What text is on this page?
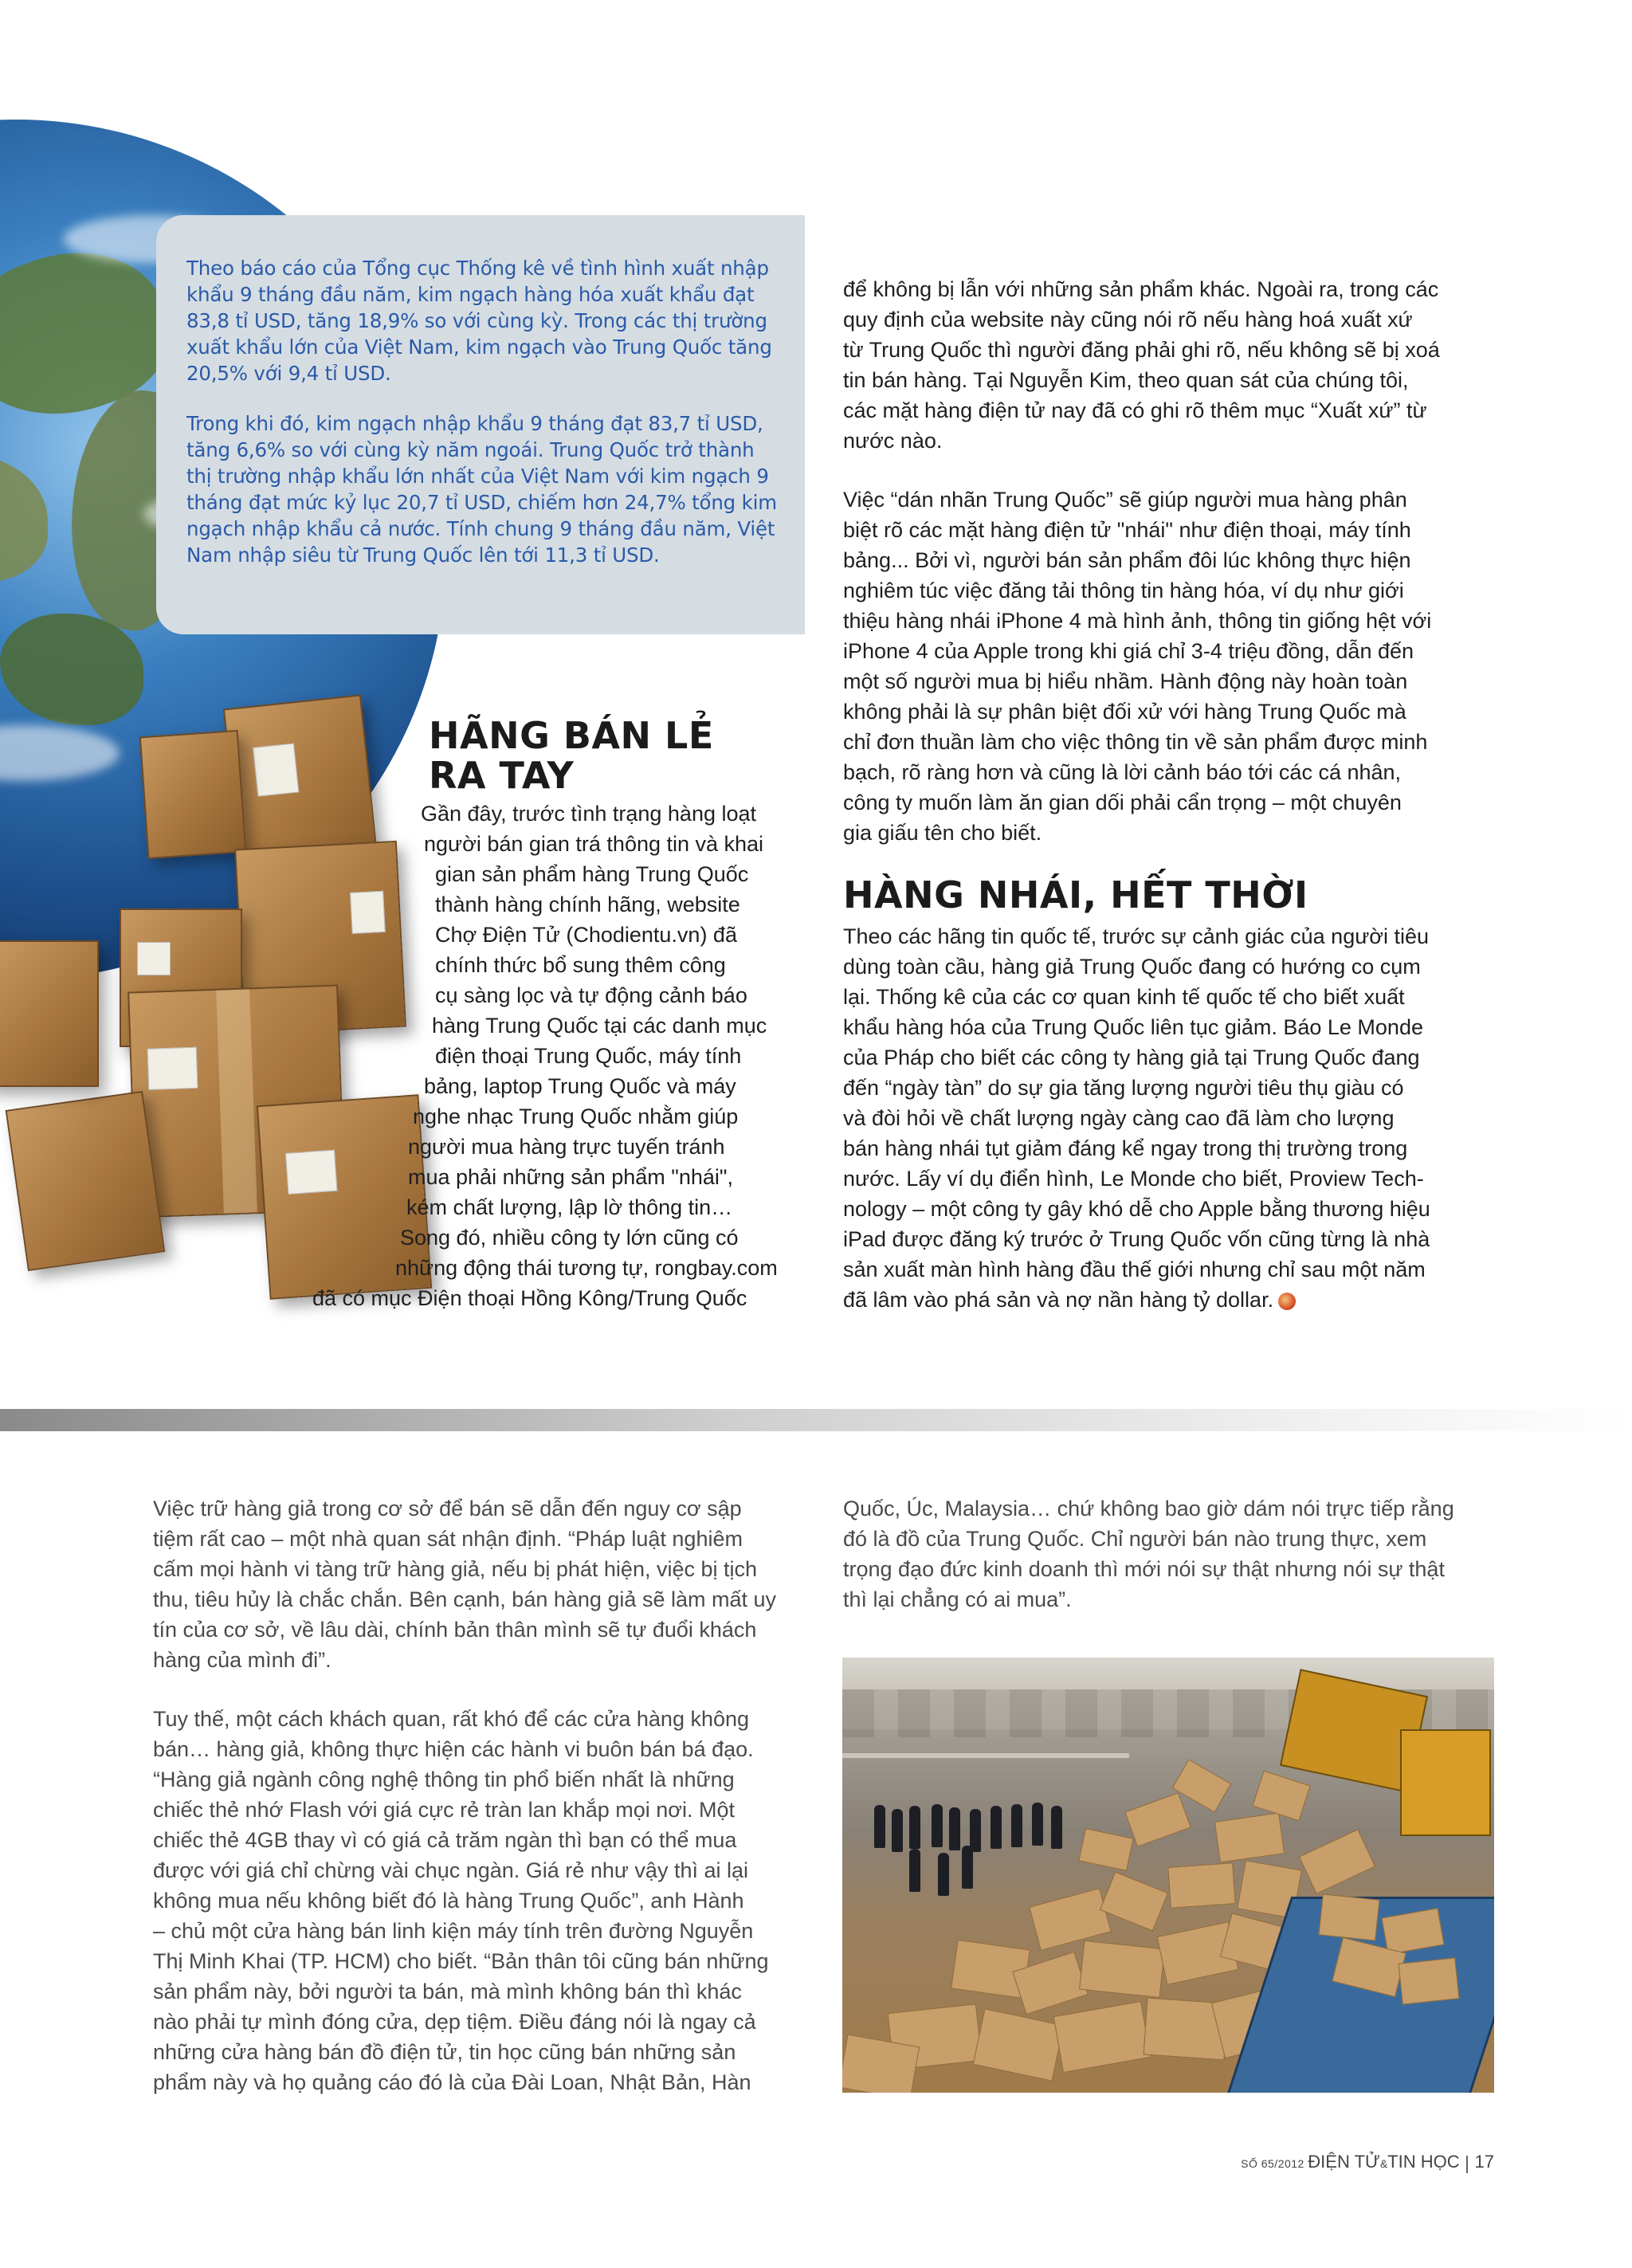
Theo báo cáo của Tổng cục Thống kê về tình hình xuất nhập khẩu 9 tháng đầu năm, kim ngạch hàng hóa xuất khẩu đạt 83,8 tỉ USD, tăng 18,9% so với cùng kỳ. Trong các thị trường xuất khẩu lớn của Việt Nam, kim ngạch vào Trung Quốc tăng 20,5% với 9,4 tỉ USD.

Trong khi đó, kim ngạch nhập khẩu 9 tháng đạt 83,7 tỉ USD, tăng 6,6% so với cùng kỳ năm ngoái. Trung Quốc trở thành thị trường nhập khẩu lớn nhất của Việt Nam với kim ngạch 9 tháng đạt mức kỷ lục 20,7 tỉ USD, chiếm hơn 24,7% tổng kim ngạch nhập khẩu cả nước. Tính chung 9 tháng đầu năm, Việt Nam nhập siêu từ Trung Quốc lên tới 11,3 tỉ USD.

HÃNG BÁN LẺ
RA TAY
Gần đây, trước tình trạng hàng loạt
người bán gian trá thông tin và khai
gian sản phẩm hàng Trung Quốc
thành hàng chính hãng, website
Chợ Điện Tử (Chodientu.vn) đã
chính thức bổ sung thêm công
cụ sàng lọc và tự động cảnh báo
hàng Trung Quốc tại các danh mục
điện thoại Trung Quốc, máy tính
bảng, laptop Trung Quốc và máy
nghe nhạc Trung Quốc nhằm giúp
người mua hàng trực tuyến tránh
mua phải những sản phẩm "nhái",
kém chất lượng, lập lờ thông tin…
Song đó, nhiều công ty lớn cũng có
những động thái tương tự, rongbay.com
đã có mục Điện thoại Hồng Kông/Trung Quốc
để không bị lẫn với những sản phẩm khác. Ngoài ra, trong các
quy định của website này cũng nói rõ nếu hàng hoá xuất xứ
từ Trung Quốc thì người đăng phải ghi rõ, nếu không sẽ bị xoá
tin bán hàng. Tại Nguyễn Kim, theo quan sát của chúng tôi,
các mặt hàng điện tử nay đã có ghi rõ thêm mục “Xuất xứ” từ
nước nào.
Việc “dán nhãn Trung Quốc” sẽ giúp người mua hàng phân
biệt rõ các mặt hàng điện tử "nhái" như điện thoại, máy tính
bảng... Bởi vì, người bán sản phẩm đôi lúc không thực hiện
nghiêm túc việc đăng tải thông tin hàng hóa, ví dụ như giới
thiệu hàng nhái iPhone 4 mà hình ảnh, thông tin giống hệt với
iPhone 4 của Apple trong khi giá chỉ 3-4 triệu đồng, dẫn đến
một số người mua bị hiểu nhầm. Hành động này hoàn toàn
không phải là sự phân biệt đối xử với hàng Trung Quốc mà
chỉ đơn thuần làm cho việc thông tin về sản phẩm được minh
bạch, rõ ràng hơn và cũng là lời cảnh báo tới các cá nhân,
công ty muốn làm ăn gian dối phải cẩn trọng – một chuyên
gia giấu tên cho biết.
HÀNG NHÁI, HẾT THỜI
Theo các hãng tin quốc tế, trước sự cảnh giác của người tiêu
dùng toàn cầu, hàng giả Trung Quốc đang có hướng co cụm
lại. Thống kê của các cơ quan kinh tế quốc tế cho biết xuất
khẩu hàng hóa của Trung Quốc liên tục giảm. Báo Le Monde
của Pháp cho biết các công ty hàng giả tại Trung Quốc đang
đến “ngày tàn” do sự gia tăng lượng người tiêu thụ giàu có
và đòi hỏi về chất lượng ngày càng cao đã làm cho lượng
bán hàng nhái tụt giảm đáng kể ngay trong thị trường trong
nước. Lấy ví dụ điển hình, Le Monde cho biết, Proview Tech-
nology – một công ty gây khó dễ cho Apple bằng thương hiệu
iPad được đăng ký trước ở Trung Quốc vốn cũng từng là nhà
sản xuất màn hình hàng đầu thế giới nhưng chỉ sau một năm
đã lâm vào phá sản và nợ nần hàng tỷ dollar.
Việc trữ hàng giả trong cơ sở để bán sẽ dẫn đến nguy cơ sập
tiệm rất cao – một nhà quan sát nhận định. “Pháp luật nghiêm
cấm mọi hành vi tàng trữ hàng giả, nếu bị phát hiện, việc bị tịch
thu, tiêu hủy là chắc chắn. Bên cạnh, bán hàng giả sẽ làm mất uy
tín của cơ sở, về lâu dài, chính bản thân mình sẽ tự đuổi khách
hàng của mình đi”.
Tuy thế, một cách khách quan, rất khó để các cửa hàng không
bán… hàng giả, không thực hiện các hành vi buôn bán bá đạo.
“Hàng giả ngành công nghệ thông tin phổ biến nhất là những
chiếc thẻ nhớ Flash với giá cực rẻ tràn lan khắp mọi nơi. Một
chiếc thẻ 4GB thay vì có giá cả trăm ngàn thì bạn có thể mua
được với giá chỉ chừng vài chục ngàn. Giá rẻ như vậy thì ai lại
không mua nếu không biết đó là hàng Trung Quốc”, anh Hành
– chủ một cửa hàng bán linh kiện máy tính trên đường Nguyễn
Thị Minh Khai (TP. HCM) cho biết. “Bản thân tôi cũng bán những
sản phẩm này, bởi người ta bán, mà mình không bán thì khác
nào phải tự mình đóng cửa, dẹp tiệm. Điều đáng nói là ngay cả
những cửa hàng bán đồ điện tử, tin học cũng bán những sản
phẩm này và họ quảng cáo đó là của Đài Loan, Nhật Bản, Hàn
Quốc, Úc, Malaysia… chứ không bao giờ dám nói trực tiếp rằng
đó là đồ của Trung Quốc. Chỉ người bán nào trung thực, xem
trọng đạo đức kinh doanh thì mới nói sự thật nhưng nói sự thật
thì lại chẳng có ai mua”.
SỐ 65/2012 ĐIỆN TỬ&TIN HỌC 17
